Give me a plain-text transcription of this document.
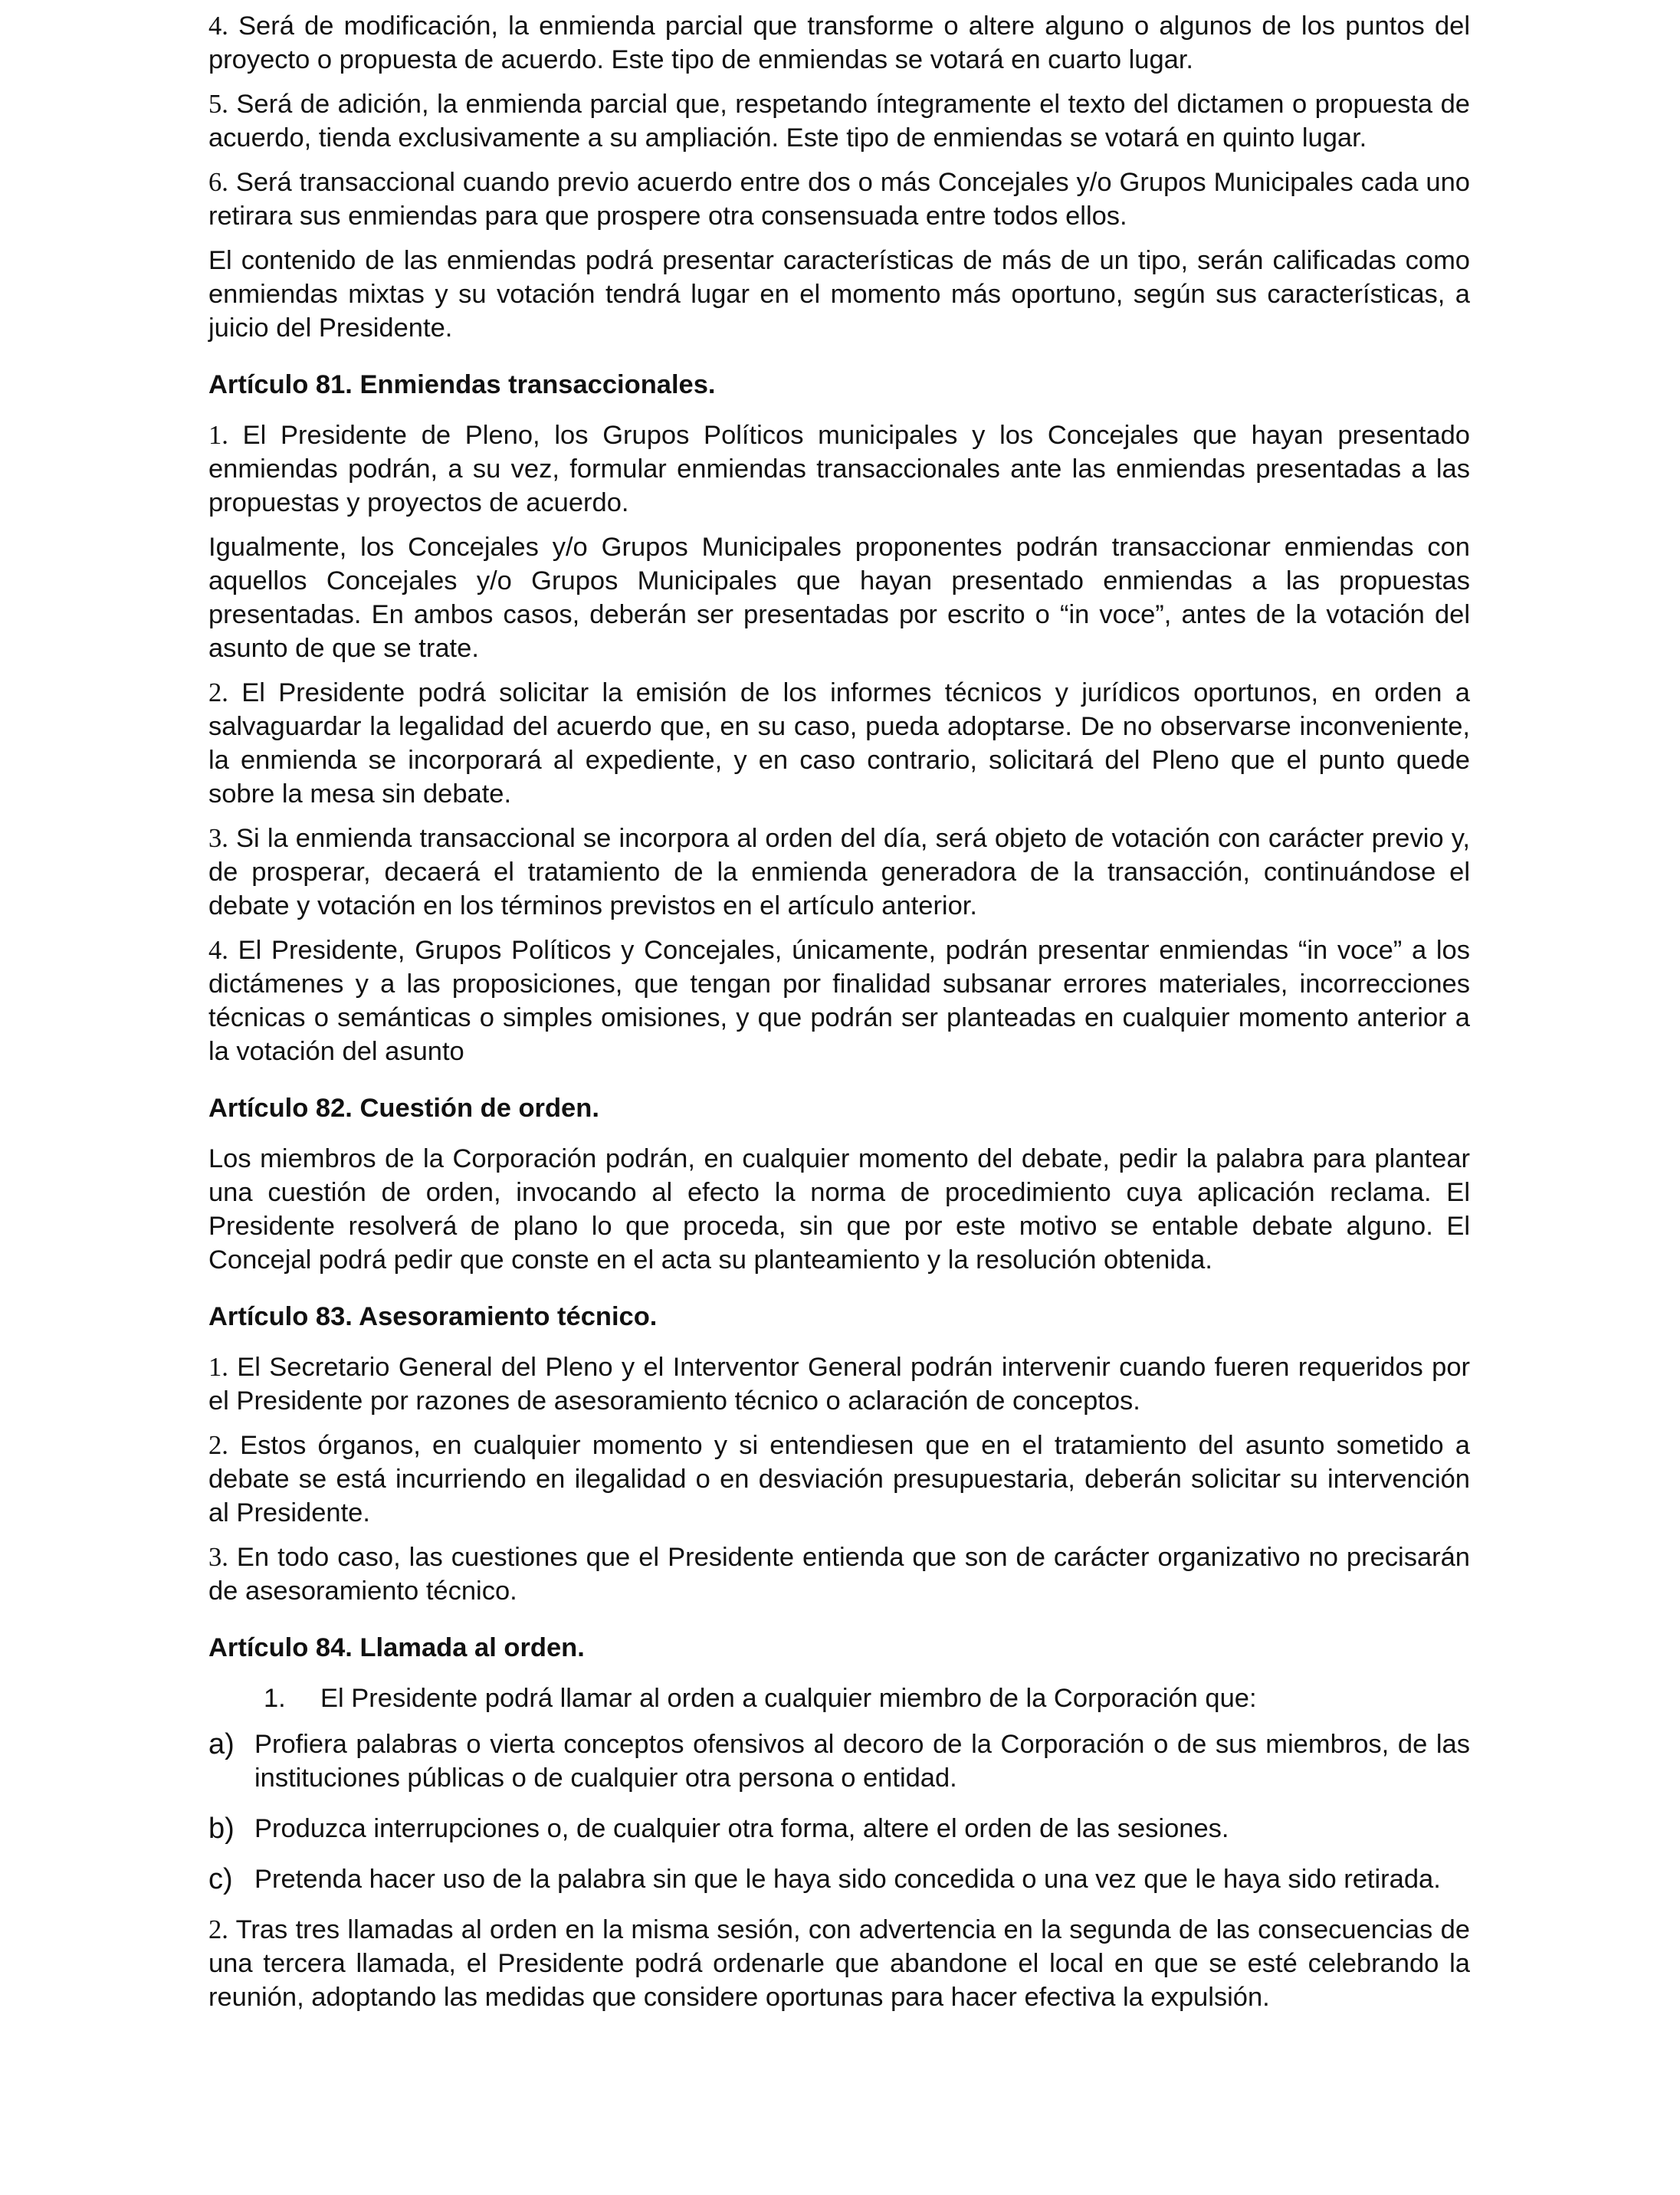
4. Será de modificación, la enmienda parcial que transforme o altere alguno o algunos de los puntos del proyecto o propuesta de acuerdo. Este tipo de enmiendas se votará en cuarto lugar.

5. Será de adición, la enmienda parcial que, respetando íntegramente el texto del dictamen o propuesta de acuerdo, tienda exclusivamente a su ampliación. Este tipo de enmiendas se votará en quinto lugar.

6. Será transaccional cuando previo acuerdo entre dos o más Concejales y/o Grupos Municipales cada uno retirara sus enmiendas para que prospere otra consensuada entre todos ellos.

El contenido de las enmiendas podrá presentar características de más de un tipo, serán calificadas como enmiendas mixtas y su votación tendrá lugar en el momento más oportuno, según sus características, a juicio del Presidente.

Artículo 81. Enmiendas transaccionales.

1. El Presidente de Pleno, los Grupos Políticos municipales y los Concejales que hayan presentado enmiendas podrán, a su vez, formular enmiendas transaccionales ante las enmiendas presentadas a las propuestas y proyectos de acuerdo.

Igualmente, los Concejales y/o Grupos Municipales proponentes podrán transaccionar enmiendas con aquellos Concejales y/o Grupos Municipales que hayan presentado enmiendas a las propuestas presentadas. En ambos casos, deberán ser presentadas por escrito o “in voce”, antes de la votación del asunto de que se trate.

2. El Presidente podrá solicitar la emisión de los informes técnicos y jurídicos oportunos, en orden a salvaguardar la legalidad del acuerdo que, en su caso, pueda adoptarse. De no observarse inconveniente, la enmienda se incorporará al expediente, y en caso contrario, solicitará del Pleno que el punto quede sobre la mesa sin debate.

3. Si la enmienda transaccional se incorpora al orden del día, será objeto de votación con carácter previo y, de prosperar, decaerá el tratamiento de la enmienda generadora de la transacción, continuándose el debate y votación en los términos previstos en el artículo anterior.

4. El Presidente, Grupos Políticos y Concejales, únicamente, podrán presentar enmiendas “in voce” a los dictámenes y a las proposiciones, que tengan por finalidad subsanar errores materiales, incorrecciones técnicas o semánticas o simples omisiones, y que podrán ser planteadas en cualquier momento anterior a la votación del asunto

Artículo 82. Cuestión de orden.

Los miembros de la Corporación podrán, en cualquier momento del debate, pedir la palabra para plantear una cuestión de orden, invocando al efecto la norma de procedimiento cuya aplicación reclama. El Presidente resolverá de plano lo que proceda, sin que por este motivo se entable debate alguno. El Concejal podrá pedir que conste en el acta su planteamiento y la resolución obtenida.

Artículo 83. Asesoramiento técnico.

1. El Secretario General del Pleno y el Interventor General podrán intervenir cuando fueren requeridos por el Presidente por razones de asesoramiento técnico o aclaración de conceptos.

2. Estos órganos, en cualquier momento y si entendiesen que en el tratamiento del asunto sometido a debate se está incurriendo en ilegalidad o en desviación presupuestaria, deberán solicitar su intervención al Presidente.

3. En todo caso, las cuestiones que el Presidente entienda que son de carácter organizativo no precisarán de asesoramiento técnico.

Artículo 84. Llamada al orden.
1.	El Presidente podrá llamar al orden a cualquier miembro de la Corporación que:
a) Profiera palabras o vierta conceptos ofensivos al decoro de la Corporación o de sus miembros, de las instituciones públicas o de cualquier otra persona o entidad.
b) Produzca interrupciones o, de cualquier otra forma, altere el orden de las sesiones.
c) Pretenda hacer uso de la palabra sin que le haya sido concedida o una vez que le haya sido retirada.

2. Tras tres llamadas al orden en la misma sesión, con advertencia en la segunda de las consecuencias de una tercera llamada, el Presidente podrá ordenarle que abandone el local en que se esté celebrando la reunión, adoptando las medidas que considere oportunas para hacer efectiva la expulsión.
